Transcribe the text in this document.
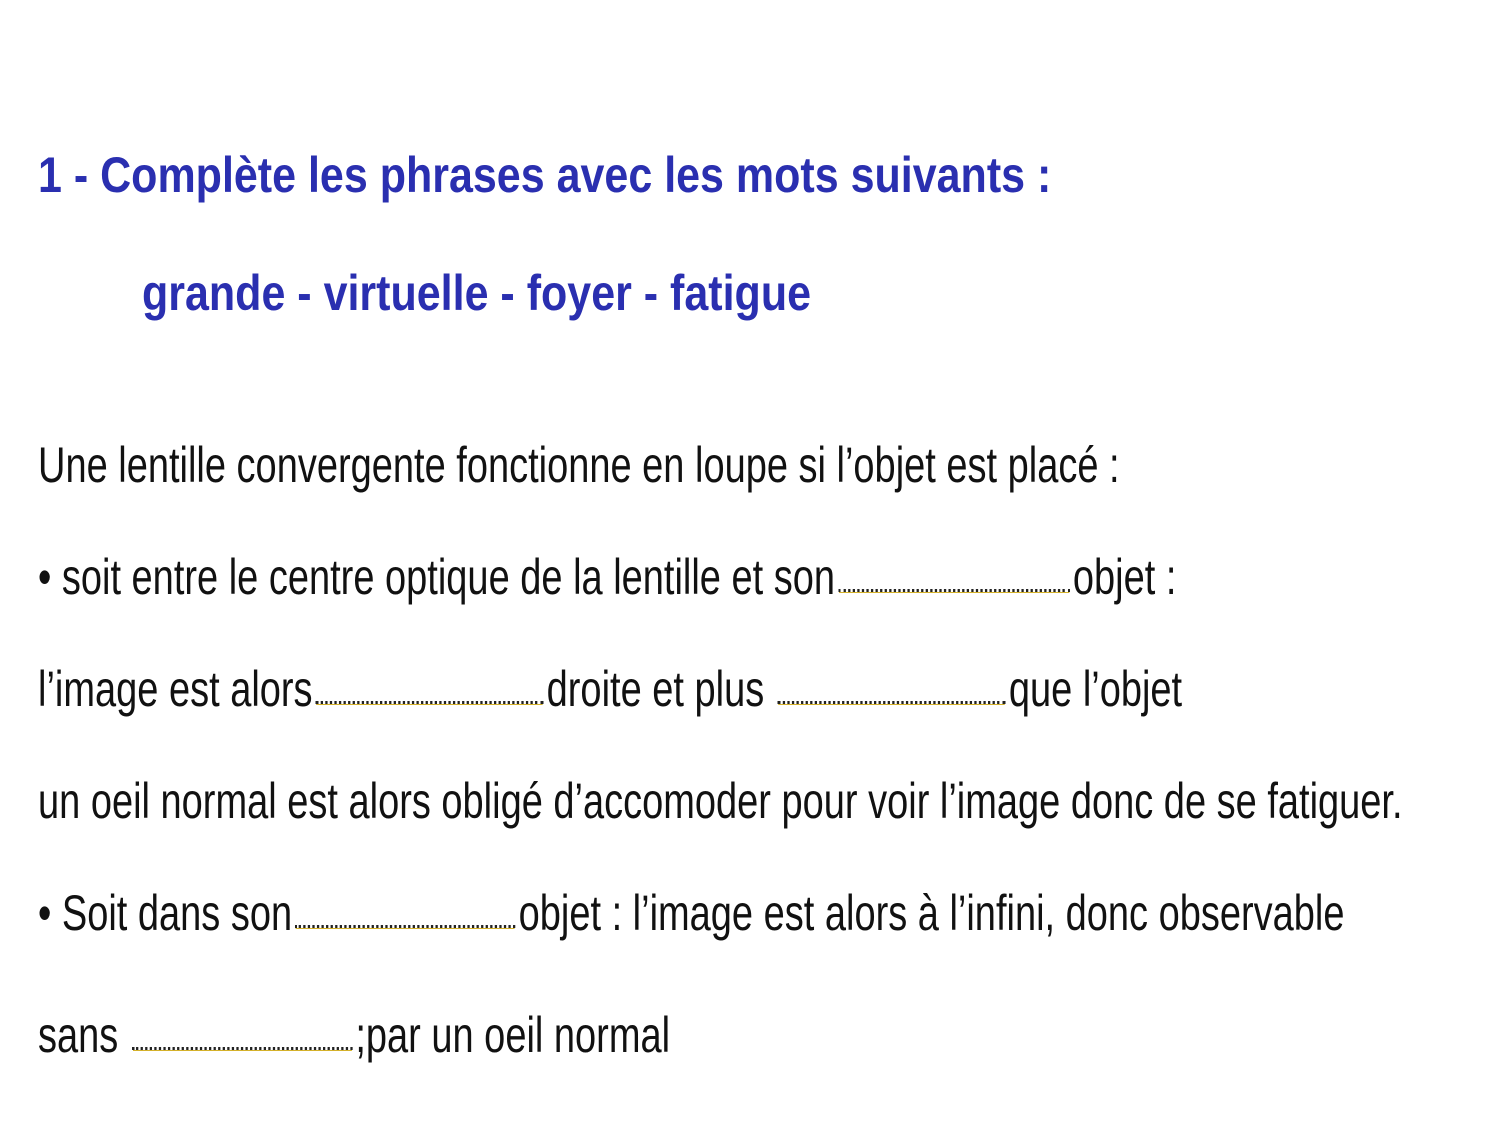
1 - Complète les phrases avec les mots suivants :
grande - virtuelle - foyer - fatigue
Une lentille convergente fonctionne en loupe si l’objet est placé :
• soit entre le centre optique de la lentille et son	objet :
l’image est alors	droite et plus	que l’objet
un oeil normal est alors obligé d’accomoder pour voir l’image donc de se fatiguer.
• Soit dans son	objet : l’image est alors à l’infini, donc observable
sans	;par un oeil normal
